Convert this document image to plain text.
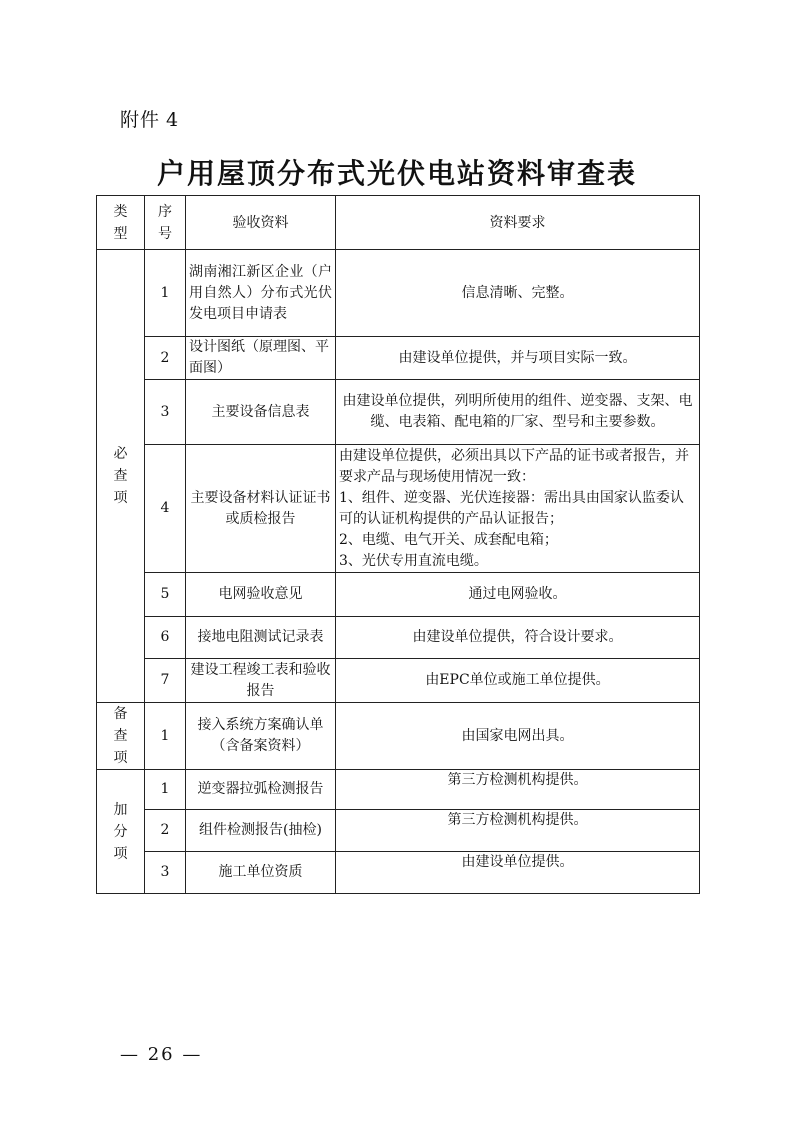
附件 4
户用屋顶分布式光伏电站资料审查表
类型	序号	验收资料	资料要求

必查项	1	湖南湘江新区企业（户用自然人）分布式光伏发电项目申请表	信息清晰、完整。
	2	设计图纸（原理图、平面图）	由建设单位提供，并与项目实际一致。
	3	主要设备信息表	由建设单位提供，列明所使用的组件、逆变器、支架、电缆、电表箱、配电箱的厂家、型号和主要参数。
	4	主要设备材料认证证书或质检报告	由建设单位提供，必须出具以下产品的证书或者报告，并要求产品与现场使用情况一致：
1、组件、逆变器、光伏连接器：需出具由国家认监委认可的认证机构提供的产品认证报告；
2、电缆、电气开关、成套配电箱；
3、光伏专用直流电缆。

	5	电网验收意见	通过电网验收。
	6	接地电阻测试记录表	由建设单位提供，符合设计要求。
	7	建设工程竣工表和验收报告	由EPC单位或施工单位提供。

备查项	1	接入系统方案确认单（含备案资料）	由国家电网出具。

加分项	1	逆变器拉弧检测报告	第三方检测机构提供。
	2	组件检测报告(抽检)	第三方检测机构提供。
	3	施工单位资质	由建设单位提供。
— 26 —
